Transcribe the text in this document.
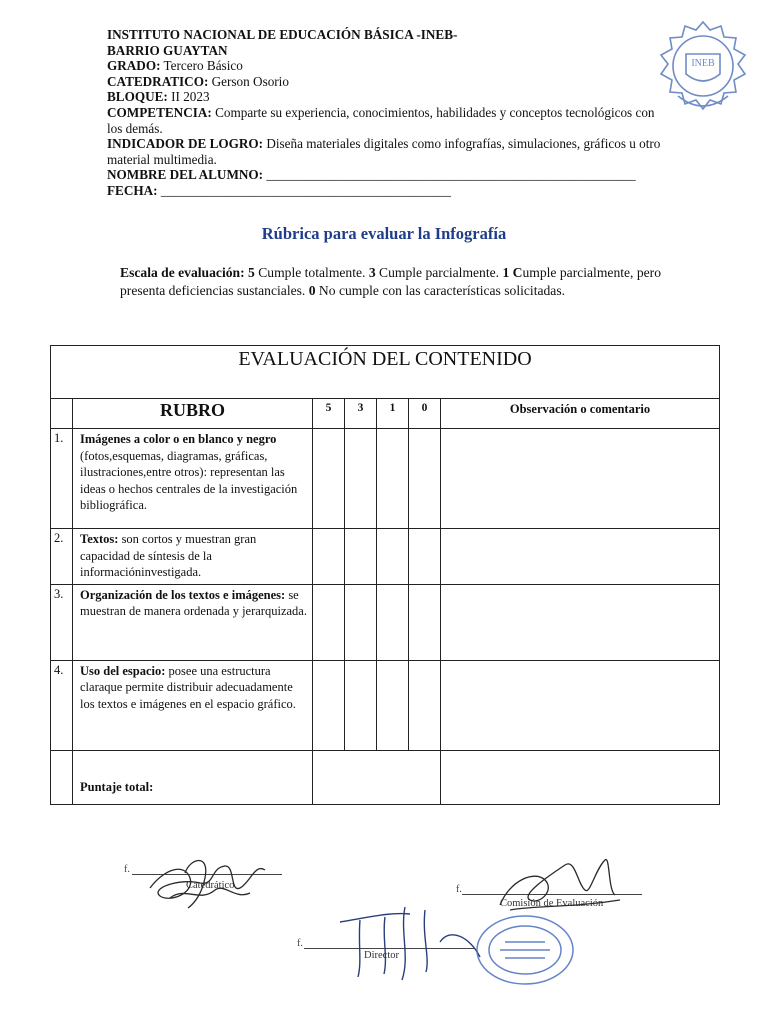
INSTITUTO NACIONAL DE EDUCACIÓN BÁSICA -INEB-
BARRIO GUAYTAN
GRADO: Tercero Básico
CATEDRATICO: Gerson Osorio
BLOQUE: II 2023
COMPETENCIA: Comparte su experiencia, conocimientos, habilidades y conceptos tecnológicos con los demás.
INDICADOR DE LOGRO: Diseña materiales digitales como infografías, simulaciones, gráficos u otro material multimedia.
NOMBRE DEL ALUMNO: ________________________________________________________
FECHA: ____________________________________________
INEB
Rúbrica para evaluar la Infografía
Escala de evaluación: 5 Cumple totalmente. 3 Cumple parcialmente. 1 Cumple parcialmente, pero presenta deficiencias sustanciales. 0 No cumple con las características solicitadas.
EVALUACIÓN DEL CONTENIDO						
	RUBRO	5	3	1	0	Observación o comentario
1.	Imágenes a color o en blanco y negro (fotos,esquemas, diagramas, gráficas, ilustraciones,entre otros): representan las ideas o hechos centrales de la investigación bibliográfica.					
2.	Textos: son cortos y muestran gran capacidad de síntesis de la informacióninvestigada.					
3.	Organización de los textos e imágenes: se muestran de manera ordenada y jerarquizada.					
4.	Uso del espacio: posee una estructura claraque permite distribuir adecuadamente los textos e imágenes en el espacio gráfico.					
	Puntaje total:					
f.
Catedrático	f.
Comisión de Evaluación
f.
Director
